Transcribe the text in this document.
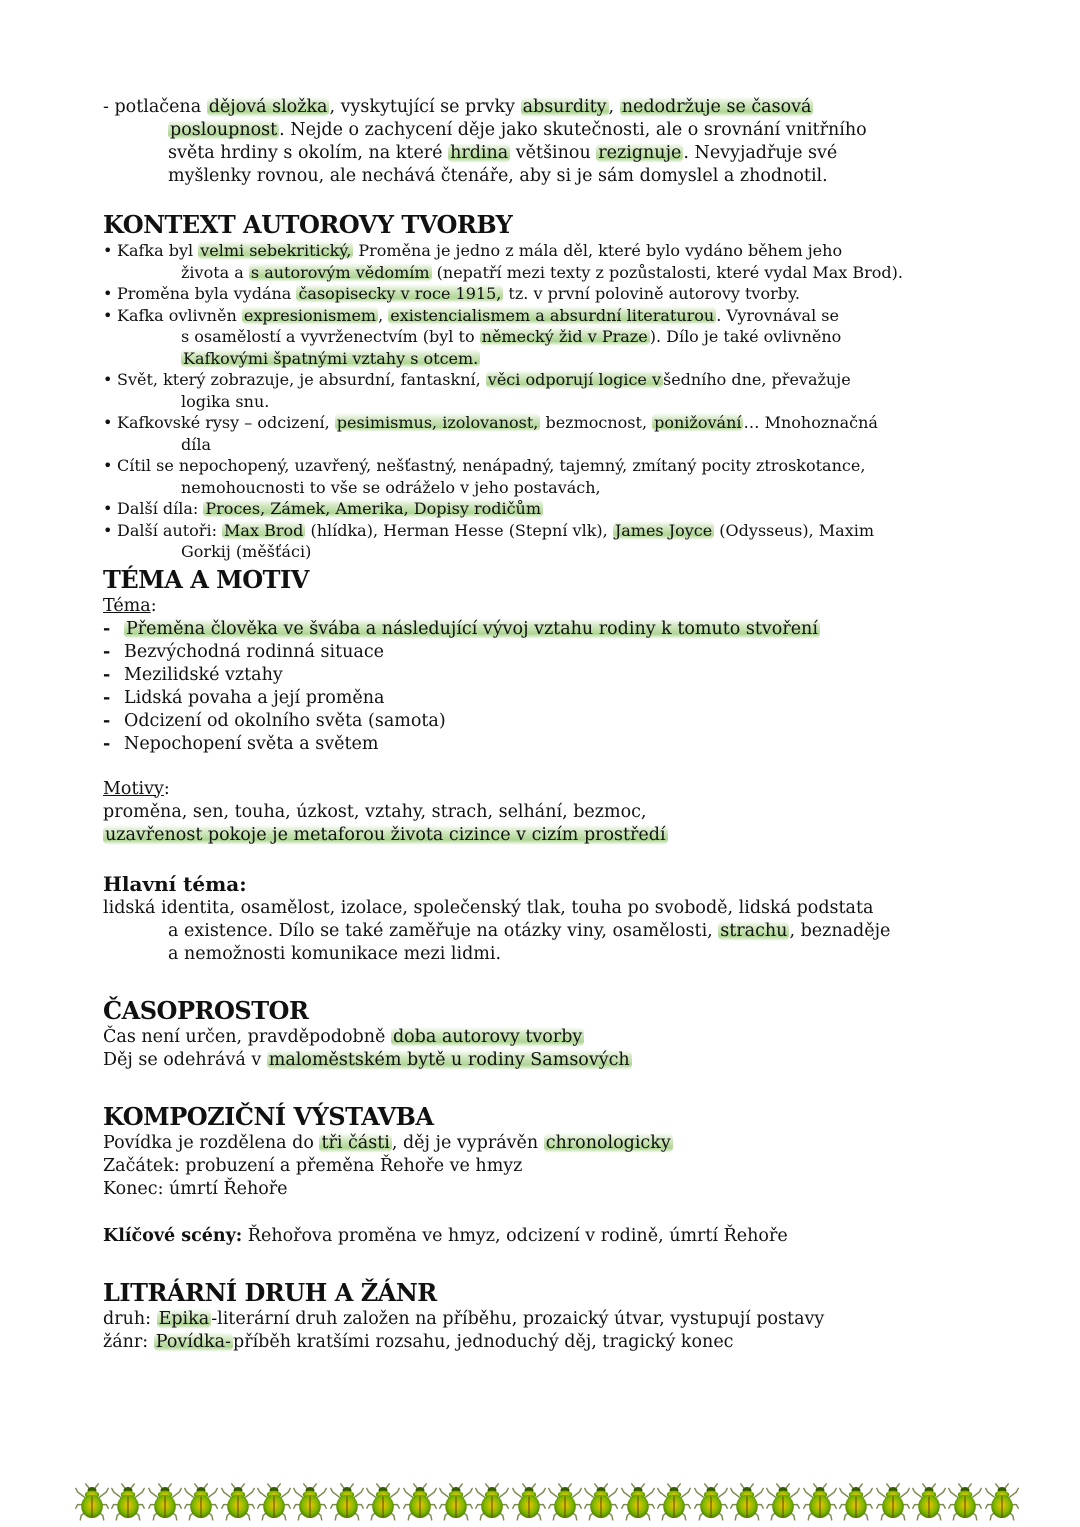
- potlačena dějová složka , vyskytující se prvky absurdity , nedodržuje se časová
posloupnost . Nejde o zachycení děje jako skutečnosti, ale o srovnání vnitřního
světa hrdiny s okolím, na které hrdina většinou rezignuje . Nevyjadřuje své
myšlenky rovnou, ale nechává čtenáře, aby si je sám domyslel a zhodnotil.
KONTEXT AUTOROVY TVORBY
• Kafka byl velmi sebekritický, Proměna je jedno z mála děl, které bylo vydáno během jeho
života a s autorovým vědomím (nepatří mezi texty z pozůstalosti, které vydal Max Brod).
• Proměna byla vydána časopisecky v roce 1915, tz. v první polovině autorovy tvorby.
• Kafka ovlivněn expresionismem , existencialismem a absurdní literaturou . Vyrovnával se
s osamělostí a vyvrženectvím (byl to německý žid v Praze ). Dílo je také ovlivněno
Kafkovými špatnými vztahy s otcem.
• Svět, který zobrazuje, je absurdní, fantaskní, věci odporují logice v šedního dne, převažuje
logika snu.
• Kafkovské rysy – odcizení, pesimismus, izolovanost, bezmocnost, ponižování … Mnohoznačná
díla
• Cítil se nepochopený, uzavřený, nešťastný, nenápadný, tajemný, zmítaný pocity ztroskotance,
nemohoucnosti to vše se odráželo v jeho postavách,
• Další díla: Proces, Zámek, Amerika, Dopisy rodičům
• Další autoři: Max Brod (hlídka), Herman Hesse (Stepní vlk), James Joyce (Odysseus), Maxim
Gorkij (měšťáci)
TÉMA A MOTIV
Téma:
- Přeměna člověka ve švába a následující vývoj vztahu rodiny k tomuto stvoření
- Bezvýchodná rodinná situace
- Mezilidské vztahy
- Lidská povaha a její proměna
- Odcizení od okolního světa (samota)
- Nepochopení světa a světem
Motivy:
proměna, sen, touha, úzkost, vztahy, strach, selhání, bezmoc,
uzavřenost pokoje je metaforou života cizince v cizím prostředí
Hlavní téma:
lidská identita, osamělost, izolace, společenský tlak, touha po svobodě, lidská podstata
a existence. Dílo se také zaměřuje na otázky viny, osamělosti, strachu , beznaděje
a nemožnosti komunikace mezi lidmi.
ČASOPROSTOR
Čas není určen, pravděpodobně doba autorovy tvorby
Děj se odehrává v maloměstském bytě u rodiny Samsových
KOMPOZIČNÍ VÝSTAVBA
Povídka je rozdělena do tři části , děj je vyprávěn chronologicky
Začátek: probuzení a přeměna Řehoře ve hmyz
Konec: úmrtí Řehoře
Klíčové scény: Řehořova proměna ve hmyz, odcizení v rodině, úmrtí Řehoře
LITRÁRNÍ DRUH A ŽÁNR
druh: Epika -literární druh založen na příběhu, prozaický útvar, vystupují postavy
žánr: Povídka- příběh kratšími rozsahu, jednoduchý děj, tragický konec
